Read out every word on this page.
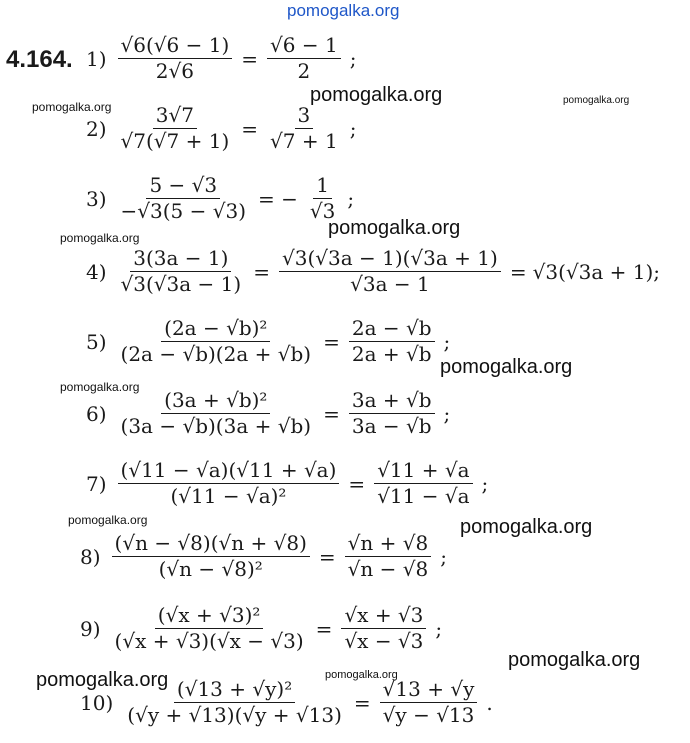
pomogalka.org
pomogalka.org
pomogalka.org	pomogalka.org
pomogalka.org
pomogalka.org
pomogalka.org
pomogalka.org
pomogalka.org	pomogalka.org
pomogalka.org
pomogalka.org	pomogalka.org
4.164. $1) \frac{√6(√6 - 1)}{2√6} = \frac{√6 - 1}{2}$ ;
$2) \frac{3√7}{√7(√7 + 1)} = \frac{3}{√7 + 1}$ ;
$3) \frac{5 - √3}{-√3(5 - √3)}$ = − $\frac{1}{√3}$ ;
$4) \frac{3(3a - 1)}{√3(√3a - 1)} = \frac{√3(√3a - 1)(√3a + 1)}{√3a - 1} = √3(√3a + 1)$ ;
$5) \frac{\text{(2a − √b)²}}{(2a - √b)(2a + √b)} = \frac{2a - √b}{2a + √b}$ ;
$6) \frac{\text{(3a + √b)²}}{(3a - √b)(3a + √b)} = \frac{3a + √b}{3a - √b}$ ;
$7) \frac{(√11 - √a)(√11 + √a)}{\text{(√11 − √a)²}} = \frac{√11 + √a}{√11 - √a}$ ;
$8) \frac{(√n - √8)(√n + √8)}{\text{(√n − √8)²}} = \frac{√n + √8}{√n - √8}$ ;
$9) \frac{\text{(√x + √3)²}}{(√x + √3)(√x - √3)} = \frac{√x + √3}{√x - √3}$ ;
$10) \frac{\text{(√13 + √y)²}}{(√y + √13)(√y + √13)} = \frac{√13 + √y}{√y - √13}$ .
